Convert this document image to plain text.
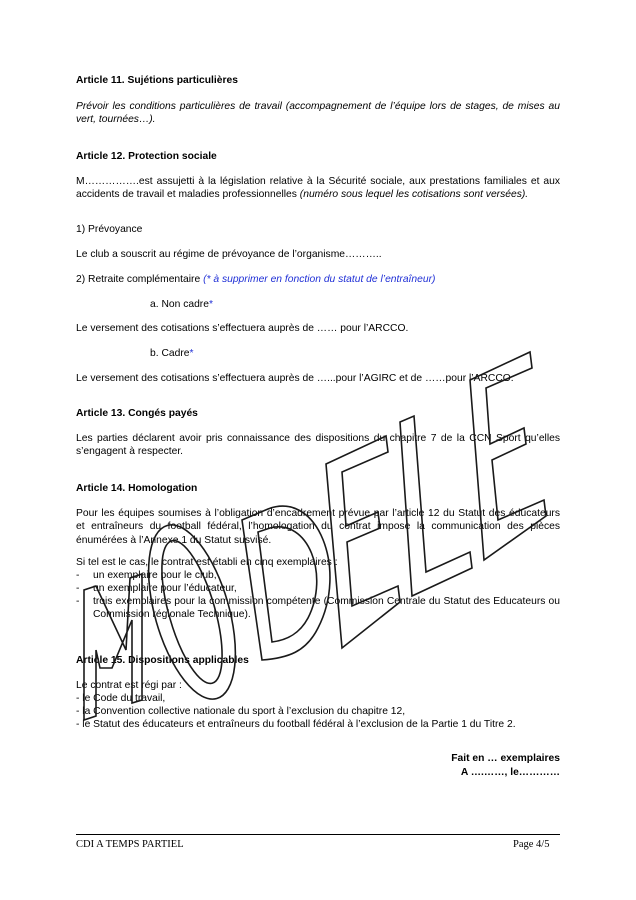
Article 11. Sujétions particulières

Prévoir les conditions particulières de travail (accompagnement de l’équipe lors de stages, de mises au vert, tournées…).

Article 12. Protection sociale

M…………….est assujetti à la législation relative à la Sécurité sociale, aux prestations familiales et aux accidents de travail et maladies professionnelles (numéro sous lequel les cotisations sont versées).

1) Prévoyance

Le club a souscrit au régime de prévoyance de l’organisme………..

2) Retraite complémentaire (* à supprimer en fonction du statut de l’entraîneur)

a. Non cadre*

Le versement des cotisations s’effectuera auprès de …… pour l’ARCCO.

b. Cadre*

Le versement des cotisations s’effectuera auprès de …...pour l’AGIRC et de ……pour l’ARCCO.

Article 13. Congés payés

Les parties déclarent avoir pris connaissance des dispositions du chapitre 7 de la CCN Sport qu’elles s’engagent à respecter.

Article 14. Homologation

Pour les équipes soumises à l’obligation d’encadrement prévue par l’article 12 du Statut des éducateurs et entraîneurs du football fédéral, l’homologation du contrat impose la communication des pièces énumérées à l’Annexe 1 du Statut susvisé.

Si tel est le cas, le contrat est établi en cinq exemplaires :

- un exemplaire pour le club,
- un exemplaire pour l’éducateur,
- trois exemplaires pour la commission compétente (Commission Centrale du Statut des Educateurs ou Commission régionale Technique).

Article 15. Dispositions applicables

Le contrat est régi par :

- le Code du travail,

- la Convention collective nationale du sport à l’exclusion du chapitre 12,

- le Statut des éducateurs et entraîneurs du football fédéral à l’exclusion de la Partie 1 du Titre 2.

Fait en … exemplaires

A ….……, le…………

CDI A TEMPS PARTIEL	Page 4/5
